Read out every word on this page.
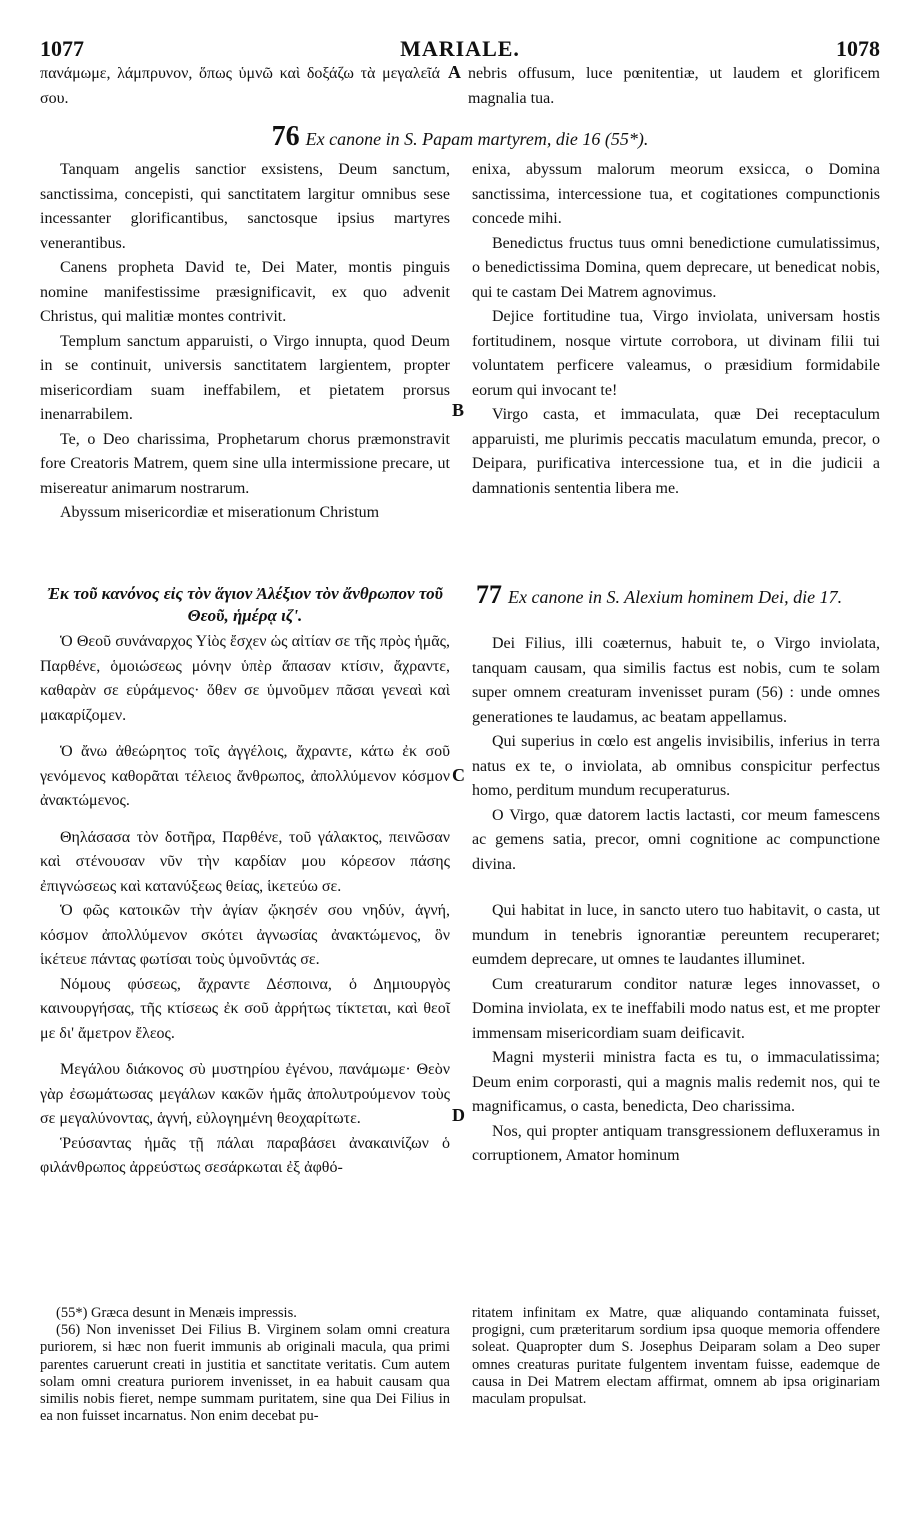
1077	MARIALE.	1078
πανάμωμε, λάμπρυνον, ὅπως ὑμνῶ καὶ δοξάζω τὰ μεγαλεῖά σου.
A nebris offusum, luce pœnitentiæ, ut laudem et glorificem magnalia tua.
76 Ex canone in S. Papam martyrem, die 16 (55*).

Tanquam angelis sanctior exsistens, Deum sanctum, sanctissima, concepisti, qui sanctitatem largitur omnibus sese incessanter glorificantibus, sanctosque ipsius martyres venerantibus.

Canens propheta David te, Dei Mater, montis pinguis nomine manifestissime præsignificavit, ex quo advenit Christus, qui malitiæ montes contrivit.

Templum sanctum apparuisti, o Virgo innupta, quod Deum in se continuit, universis sanctitatem largientem, propter misericordiam suam ineffabilem, et pietatem prorsus inenarrabilem.

Te, o Deo charissima, Prophetarum chorus præmonstravit fore Creatoris Matrem, quem sine ulla intermissione precare, ut misereatur animarum nostrarum.

Abyssum misericordiæ et miserationum Christum

Ἐκ τοῦ κανόνος εἰς τὸν ἅγιον Ἀλέξιον τὸν ἄνθρωπον τοῦ Θεοῦ, ἡμέρᾳ ιζ'.

Ὁ Θεοῦ συνάναρχος Υἱὸς ἔσχεν ὡς αἰτίαν σε τῆς πρὸς ἡμᾶς, Παρθένε, ὁμοιώσεως μόνην ὑπὲρ ἅπασαν κτίσιν, ἄχραντε, καθαρὰν σε εὑράμενος· ὅθεν σε ὑμνοῦμεν πᾶσαι γενεαὶ καὶ μακαρίζομεν.

Ὁ ἄνω ἀθεώρητος τοῖς ἀγγέλοις, ἄχραντε, κάτω ἐκ σοῦ γενόμενος καθορᾶται τέλειος ἄνθρωπος, ἀπολλύμενον κόσμον ἀνακτώμενος.

Θηλάσασα τὸν δοτῆρα, Παρθένε, τοῦ γάλακτος, πεινῶσαν καὶ στένουσαν νῦν τὴν καρδίαν μου κόρεσον πάσης ἐπιγνώσεως καὶ κατανύξεως θείας, ἱκετεύω σε.

Ὁ φῶς κατοικῶν τὴν ἁγίαν ᾤκησέν σου νηδύν, ἁγνή, κόσμον ἀπολλύμενον σκότει ἀγνωσίας ἀνακτώμενος, ὃν ἱκέτευε πάντας φωτίσαι τοὺς ὑμνοῦντάς σε.

Νόμους φύσεως, ἄχραντε Δέσποινα, ὁ Δημιουργὸς καινουργήσας, τῆς κτίσεως ἐκ σοῦ ἀρρήτως τίκτεται, καὶ θεοῖ με δι' ἄμετρον ἔλεος.

Μεγάλου διάκονος σὺ μυστηρίου ἐγένου, πανάμωμε· Θεὸν γὰρ ἐσωμάτωσας μεγάλων κακῶν ἡμᾶς ἀπολυτρούμενον τοὺς σε μεγαλύνοντας, ἁγνή, εὐλογημένη θεοχαρίτωτε.

Ῥεύσαντας ἡμᾶς τῇ πάλαι παραβάσει ἀνακαινίζων ὁ φιλάνθρωπος ἀρρεύστως σεσάρκωται ἐξ ἀφθό-

B
C
D

enixa, abyssum malorum meorum exsicca, o Domina sanctissima, intercessione tua, et cogitationes compunctionis concede mihi.

Benedictus fructus tuus omni benedictione cumulatissimus, o benedictissima Domina, quem deprecare, ut benedicat nobis, qui te castam Dei Matrem agnovimus.

Dejice fortitudine tua, Virgo inviolata, universam hostis fortitudinem, nosque virtute corrobora, ut divinam filii tui voluntatem perficere valeamus, o præsidium formidabile eorum qui invocant te!

Virgo casta, et immaculata, quæ Dei receptaculum apparuisti, me plurimis peccatis maculatum emunda, precor, o Deipara, purificativa intercessione tua, et in die judicii a damnationis sententia libera me.

77 Ex canone in S. Alexium hominem Dei, die 17.

Dei Filius, illi coæternus, habuit te, o Virgo inviolata, tanquam causam, qua similis factus est nobis, cum te solam super omnem creaturam invenisset puram (56) : unde omnes generationes te laudamus, ac beatam appellamus.

Qui superius in cœlo est angelis invisibilis, inferius in terra natus ex te, o inviolata, ab omnibus conspicitur perfectus homo, perditum mundum recuperaturus.

O Virgo, quæ datorem lactis lactasti, cor meum famescens ac gemens satia, precor, omni cognitione ac compunctione divina.

Qui habitat in luce, in sancto utero tuo habitavit, o casta, ut mundum in tenebris ignorantiæ pereuntem recuperaret; eumdem deprecare, ut omnes te laudantes illuminet.

Cum creaturarum conditor naturæ leges innovasset, o Domina inviolata, ex te ineffabili modo natus est, et me propter immensam misericordiam suam deificavit.

Magni mysterii ministra facta es tu, o immaculatissima; Deum enim corporasti, qui a magnis malis redemit nos, qui te magnificamus, o casta, benedicta, Deo charissima.

Nos, qui propter antiquam transgressionem defluxeramus in corruptionem, Amator hominum

(55*) Græca desunt in Menæis impressis.

(56) Non invenisset Dei Filius B. Virginem solam omni creatura puriorem, si hæc non fuerit immunis ab originali macula, qua primi parentes caruerunt creati in justitia et sanctitate veritatis. Cum autem solam omni creatura puriorem invenisset, in ea habuit causam qua similis nobis fieret, nempe summam puritatem, sine qua Dei Filius in ea non fuisset incarnatus. Non enim decebat pu-

ritatem infinitam ex Matre, quæ aliquando contaminata fuisset, progigni, cum præteritarum sordium ipsa quoque memoria offendere soleat. Quapropter dum S. Josephus Deiparam solam a Deo super omnes creaturas puritate fulgentem inventam fuisse, eademque de causa in Dei Matrem electam affirmat, omnem ab ipsa originariam maculam propulsat.
